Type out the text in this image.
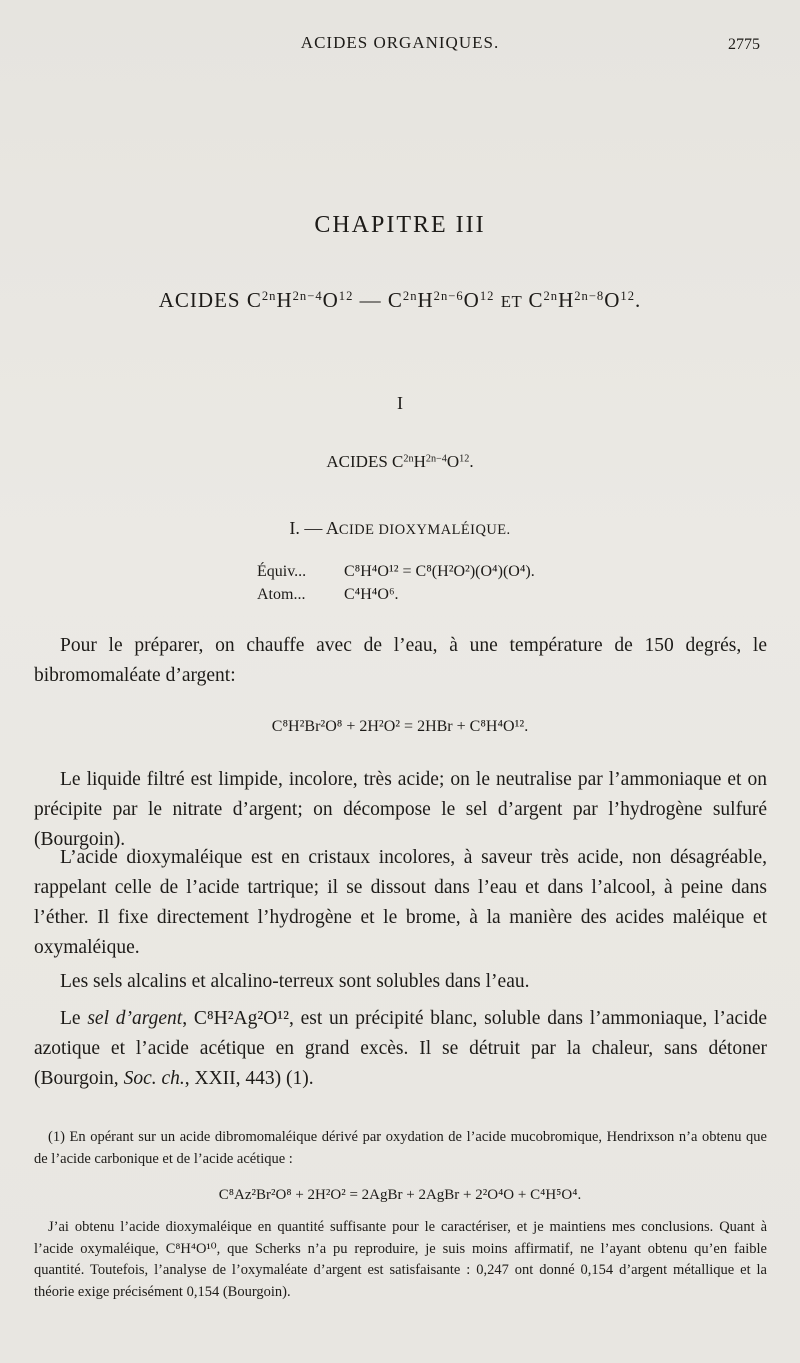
ACIDES ORGANIQUES.	2775
CHAPITRE III
ACIDES $C^{2n}H^{2n-4}O^{12}$ — $C^{2n}H^{2n-6}O^{12}$ ET $C^{2n}H^{2n-8}O^{12}$.
I
ACIDES $C^{2n}H^{2n-4}O^{12}$.
I. — ACIDE DIOXYMALÉIQUE.
Équiv... C⁸H⁴O¹² = C⁸(H²O²)(O⁴)(O⁴).
Atom... C⁴H⁴O⁶.
Pour le préparer, on chauffe avec de l’eau, à une température de 150 degrés, le bibromomaléate d’argent:
C⁸H²Br²O⁸ + 2H²O² = 2HBr + C⁸H⁴O¹².
Le liquide filtré est limpide, incolore, très acide; on le neutralise par l’ammoniaque et on précipite par le nitrate d’argent; on décompose le sel d’argent par l’hydrogène sulfuré (Bourgoin).
L’acide dioxymaléique est en cristaux incolores, à saveur très acide, non désagréable, rappelant celle de l’acide tartrique; il se dissout dans l’eau et dans l’alcool, à peine dans l’éther. Il fixe directement l’hydrogène et le brome, à la manière des acides maléique et oxymaléique.
Les sels alcalins et alcalino-terreux sont solubles dans l’eau.
Le sel d’argent, C⁸H²Ag²O¹², est un précipité blanc, soluble dans l’ammoniaque, l’acide azotique et l’acide acétique en grand excès. Il se détruit par la chaleur, sans détoner (Bourgoin, Soc. ch., XXII, 443) (1).
(1) En opérant sur un acide dibromomaléique dérivé par oxydation de l’acide mucobromique, Hendrixson n’a obtenu que de l’acide carbonique et de l’acide acétique :
C⁸Az²Br²O⁸ + 2H²O² = 2AgBr + 2AgBr + 2²O⁴O + C⁴H⁵O⁴.
J’ai obtenu l’acide dioxymaléique en quantité suffisante pour le caractériser, et je maintiens mes conclusions. Quant à l’acide oxymaléique, C⁸H⁴O¹⁰, que Scherks n’a pu reproduire, je suis moins affirmatif, ne l’ayant obtenu qu’en faible quantité. Toutefois, l’analyse de l’oxymaléate d’argent est satisfaisante : 0,247 ont donné 0,154 d’argent métallique et la théorie exige précisément 0,154 (Bourgoin).
